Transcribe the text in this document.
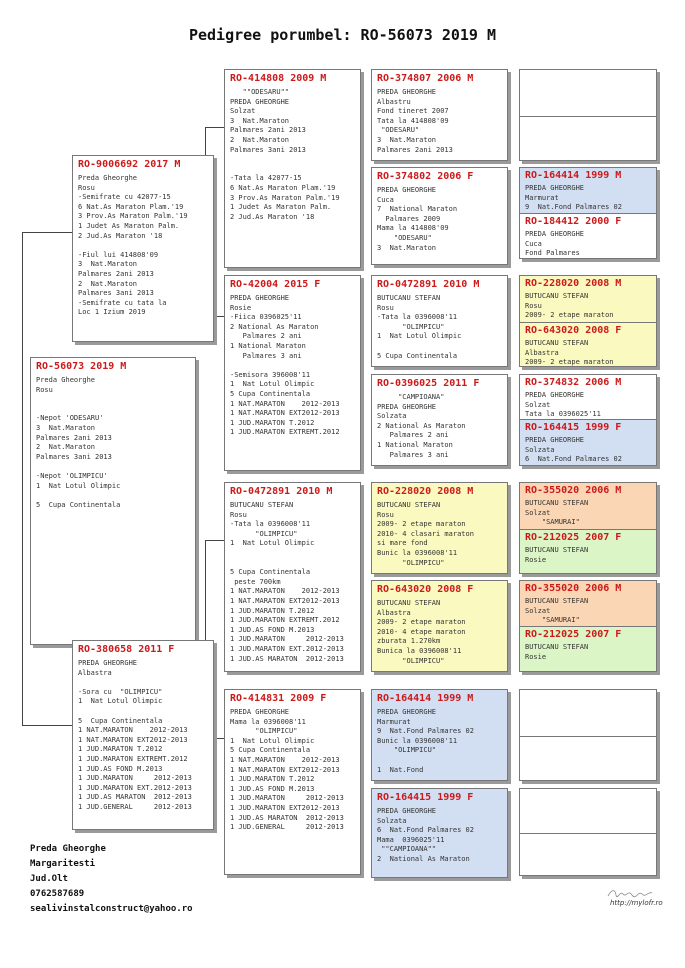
Pedigree porumbel: RO-56073 2019 M
RO-56073 2019 M
Preda Gheorghe
Rosu

-Nepot 'ODESARU'
3  Nat.Maraton
Palmares 2ani 2013
2  Nat.Maraton
Palmares 3ani 2013

-Nepot 'OLIMPICU'
1  Nat Lotul Olimpic

5  Cupa Continentala
RO-9006692 2017 M
Preda Gheorghe
Rosu
-Semifrate cu 42077-15
6 Nat.As Maraton Plam.'19
3 Prov.As Maraton Palm.'19
1 Judet As Maraton Palm.
2 Jud.As Maraton '18

-Fiul lui 414808'09
3  Nat.Maraton
Palmares 2ani 2013
2  Nat.Maraton
Palmares 3ani 2013
-Semifrate cu tata la
Loc 1 Izium 2019
RO-380658 2011 F
PREDA GHEORGHE
Albastra

-Sora cu  "OLIMPICU"
1  Nat Lotul Olimpic

5  Cupa Continentala
1 NAT.MARATON    2012-2013
1 NAT.MARATON EXT2012-2013
1 JUD.MARATON T.2012
1 JUD.MARATON EXTREMT.2012
1 JUD.AS FOND M.2013
1 JUD.MARATON     2012-2013
1 JUD.MARATON EXT.2012-2013
1 JUD.AS MARATON  2012-2013
1 JUD.GENERAL     2012-2013
RO-414808 2009 M
""ODESARU""
PREDA GHEORGHE
Solzat
3  Nat.Maraton
Palmares 2ani 2013
2  Nat.Maraton
Palmares 3ani 2013

-Tata la 42077-15
6 Nat.As Maraton Plam.'19
3 Prov.As Maraton Palm.'19
1 Judet As Maraton Palm.
2 Jud.As Maraton '18
RO-42004 2015 F
PREDA GHEORGHE
Rosie
-Fiica 0396025'11
2 National As Maraton
Palmares 2 ani
1 National Maraton
Palmares 3 ani

-Semisora 396008'11
1  Nat Lotul Olimpic
5 Cupa Continentala
1 NAT.MARATON    2012-2013
1 NAT.MARATON EXT2012-2013
1 JUD.MARATON T.2012
1 JUD.MARATON EXTREMT.2012
RO-0472891 2010 M
BUTUCANU STEFAN
Rosu
-Tata la 0396008'11
"OLIMPICU"
1  Nat Lotul Olimpic

5 Cupa Continentala
peste 700km
1 NAT.MARATON    2012-2013
1 NAT.MARATON EXT2012-2013
1 JUD.MARATON T.2012
1 JUD.MARATON EXTREMT.2012
1 JUD.AS FOND M.2013
1 JUD.MARATON     2012-2013
1 JUD.MARATON EXT.2012-2013
1 JUD.AS MARATON  2012-2013
RO-414831 2009 F
PREDA GHEORGHE
Mama la 0396008'11
"OLIMPICU"
1  Nat Lotul Olimpic
5 Cupa Continentala
1 NAT.MARATON    2012-2013
1 NAT.MARATON EXT2012-2013
1 JUD.MARATON T.2012
1 JUD.AS FOND M.2013
1 JUD.MARATON     2012-2013
1 JUD.MARATON EXT2012-2013
1 JUD.AS MARATON  2012-2013
1 JUD.GENERAL     2012-2013
RO-374807 2006 M
PREDA GHEORGHE
Albastru
Fond tineret 2007
Tata la 414808'09
"ODESARU"
3  Nat.Maraton
Palmares 2ani 2013
RO-374802 2006 F
PREDA GHEORGHE
Cuca
7  National Maraton
Palmares 2009
Mama la 414808'09
"ODESARU"
3  Nat.Maraton
RO-0472891 2010 M
BUTUCANU STEFAN
Rosu
-Tata la 0396008'11
"OLIMPICU"
1  Nat Lotul Olimpic

5 Cupa Continentala
RO-0396025 2011 F
"CAMPIOANA"
PREDA GHEORGHE
Solzata
2 National As Maraton
Palmares 2 ani
1 National Maraton
Palmares 3 ani
RO-228020 2008 M
BUTUCANU STEFAN
Rosu
2009- 2 etape maraton
2010- 4 clasari maraton
si mare fond
Bunic la 0396008'11
"OLIMPICU"
RO-643020 2008 F
BUTUCANU STEFAN
Albastra
2009- 2 etape maraton
2010- 4 etape maraton
zburata 1.270km
Bunica la 0396008'11
"OLIMPICU"
RO-164414 1999 M
PREDA GHEORGHE
Marmurat
9  Nat.Fond Palmares 02
Bunic la 0396008'11
"OLIMPICU"

1  Nat.Fond
RO-164415 1999 F
PREDA GHEORGHE
Solzata
6  Nat.Fond Palmares 02
Mama  0396025'11
""CAMPIOANA""
2  National As Maraton
RO-164414 1999 M
PREDA GHEORGHE
Marmurat
9  Nat.Fond Palmares 02
RO-184412 2000 F
PREDA GHEORGHE
Cuca
Fond Palmares
RO-228020 2008 M
BUTUCANU STEFAN
Rosu
2009- 2 etape maraton
RO-643020 2008 F
BUTUCANU STEFAN
Albastra
2009- 2 etape maraton
RO-374832 2006 M
PREDA GHEORGHE
Solzat
Tata la 0396025'11
RO-164415 1999 F
PREDA GHEORGHE
Solzata
6  Nat.Fond Palmares 02
RO-355020 2006 M
BUTUCANU STEFAN
Solzat
"SAMURAI"
RO-212025 2007 F
BUTUCANU STEFAN
Rosie
RO-355020 2006 M
BUTUCANU STEFAN
Solzat
"SAMURAI"
RO-212025 2007 F
BUTUCANU STEFAN
Rosie
Preda Gheorghe
Margaritesti
Jud.Olt
0762587689
sealivinstalconstruct@yahoo.ro
http://mylofr.ro
